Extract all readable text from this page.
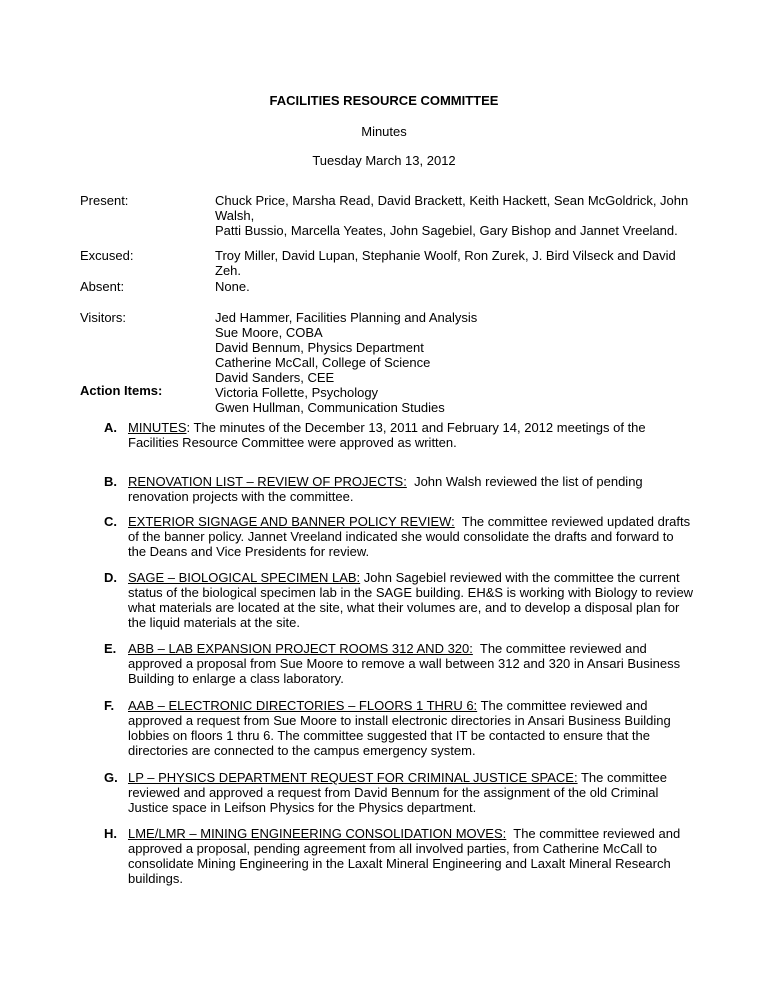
FACILITIES RESOURCE COMMITTEE
Minutes
Tuesday March 13, 2012
Present:	Chuck Price, Marsha Read, David Brackett, Keith Hackett, Sean McGoldrick, John Walsh,
Patti Bussio, Marcella Yeates, John Sagebiel, Gary Bishop and Jannet Vreeland.
Excused:	Troy Miller, David Lupan, Stephanie Woolf, Ron Zurek, J. Bird Vilseck and David Zeh.
Absent:	None.
Visitors:	Jed Hammer, Facilities Planning and Analysis
Sue Moore, COBA
David Bennum, Physics Department
Catherine McCall, College of Science
David Sanders, CEE
Victoria Follette, Psychology
Gwen Hullman, Communication Studies
Action Items:
A. MINUTES: The minutes of the December 13, 2011 and February 14, 2012 meetings of the Facilities Resource Committee were approved as written.
B. RENOVATION LIST – REVIEW OF PROJECTS: John Walsh reviewed the list of pending renovation projects with the committee.
C. EXTERIOR SIGNAGE AND BANNER POLICY REVIEW: The committee reviewed updated drafts of the banner policy. Jannet Vreeland indicated she would consolidate the drafts and forward to the Deans and Vice Presidents for review.
D. SAGE – BIOLOGICAL SPECIMEN LAB: John Sagebiel reviewed with the committee the current status of the biological specimen lab in the SAGE building. EH&S is working with Biology to review what materials are located at the site, what their volumes are, and to develop a disposal plan for the liquid materials at the site.
E. ABB – LAB EXPANSION PROJECT ROOMS 312 AND 320: The committee reviewed and approved a proposal from Sue Moore to remove a wall between 312 and 320 in Ansari Business Building to enlarge a class laboratory.
F. AAB – ELECTRONIC DIRECTORIES – FLOORS 1 THRU 6: The committee reviewed and approved a request from Sue Moore to install electronic directories in Ansari Business Building lobbies on floors 1 thru 6. The committee suggested that IT be contacted to ensure that the directories are connected to the campus emergency system.
G. LP – PHYSICS DEPARTMENT REQUEST FOR CRIMINAL JUSTICE SPACE: The committee reviewed and approved a request from David Bennum for the assignment of the old Criminal Justice space in Leifson Physics for the Physics department.
H. LME/LMR – MINING ENGINEERING CONSOLIDATION MOVES: The committee reviewed and approved a proposal, pending agreement from all involved parties, from Catherine McCall to consolidate Mining Engineering in the Laxalt Mineral Engineering and Laxalt Mineral Research buildings.
